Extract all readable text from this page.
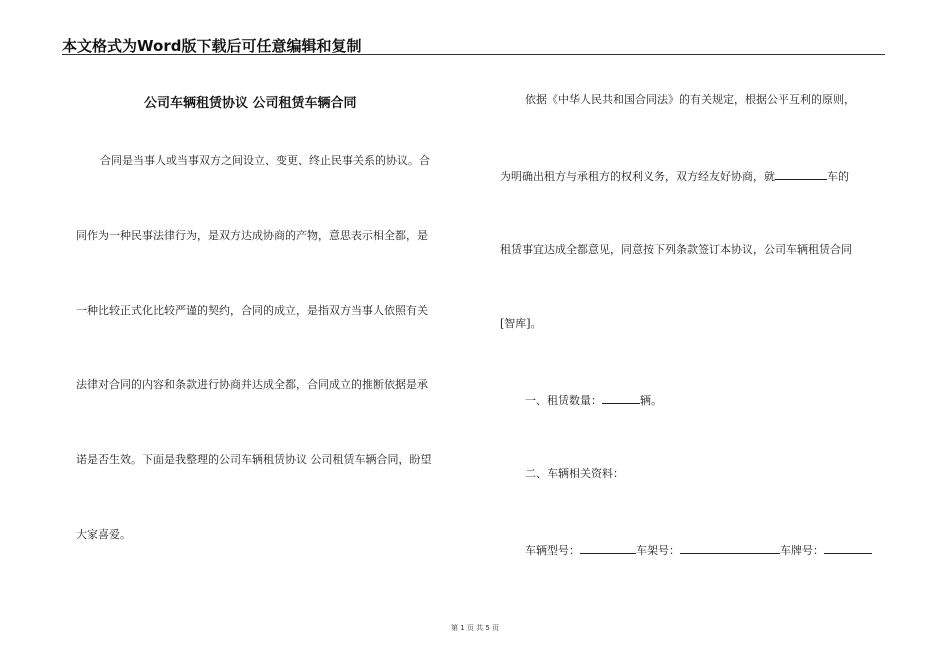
本文格式为Word版下载后可任意编辑和复制
公司车辆租赁协议 公司租赁车辆合同
合同是当事人或当事双方之间设立、变更、终止民事关系的协议。合
同作为一种民事法律行为，是双方达成协商的产物，意思表示相全都，是
一种比较正式化比较严谨的契约，合同的成立，是指双方当事人依照有关
法律对合同的内容和条款进行协商并达成全都，合同成立的推断依据是承
诺是否生效。下面是我整理的公司车辆租赁协议 公司租赁车辆合同，盼望
大家喜爱。
依据《中华人民共和国合同法》的有关规定，根据公平互利的原则，
为明确出租方与承租方的权利义务，双方经友好协商，就	车的
租赁事宜达成全都意见，同意按下列条款签订本协议，公司车辆租赁合同
[智库]。
一、租赁数量：	辆。
二、车辆相关资料：
车辆型号：	车架号：	车牌号：
第 1 页 共 5 页
